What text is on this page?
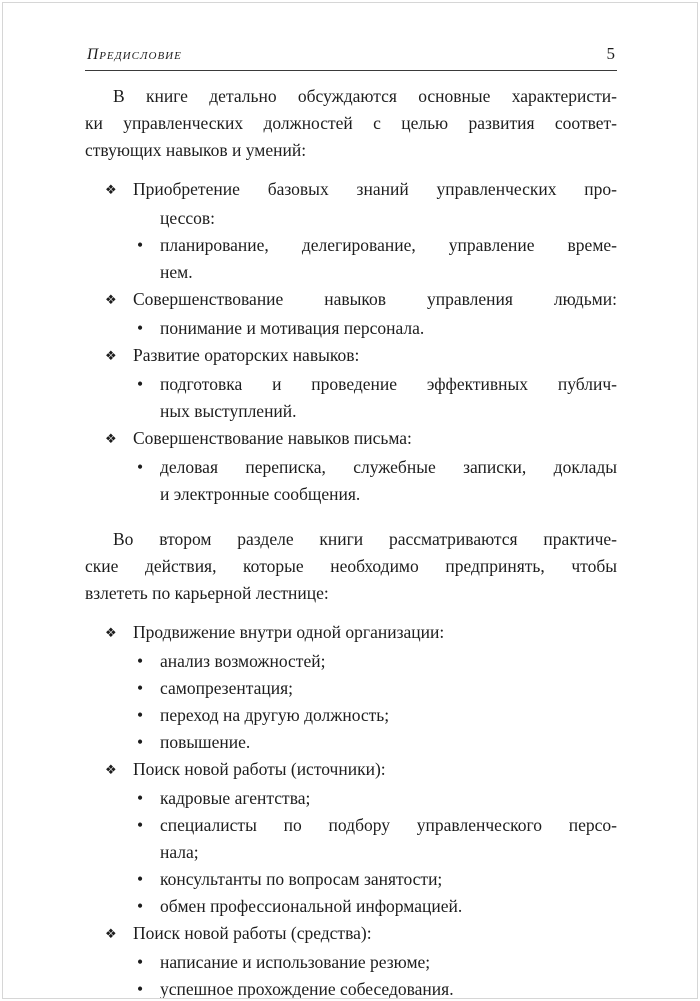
Предисловие	5
В книге детально обсуждаются основные характеристи-
ки управленческих должностей с целью развития соответ-
ствующих навыков и умений:
❖ Приобретение базовых знаний управленческих про-
цессов:
• планирование, делегирование, управление време-
нем.
❖ Совершенствование навыков управления людьми:
• понимание и мотивация персонала.
❖ Развитие ораторских навыков:
• подготовка и проведение эффективных публич-
ных выступлений.
❖ Совершенствование навыков письма:
• деловая переписка, служебные записки, доклады
и электронные сообщения.
Во втором разделе книги рассматриваются практиче-
ские действия, которые необходимо предпринять, чтобы
взлететь по карьерной лестнице:
❖ Продвижение внутри одной организации:
• анализ возможностей;
• самопрезентация;
• переход на другую должность;
• повышение.
❖ Поиск новой работы (источники):
• кадровые агентства;
• специалисты по подбору управленческого персо-
нала;
• консультанты по вопросам занятости;
• обмен профессиональной информацией.
❖ Поиск новой работы (средства):
• написание и использование резюме;
• успешное прохождение собеседования.
